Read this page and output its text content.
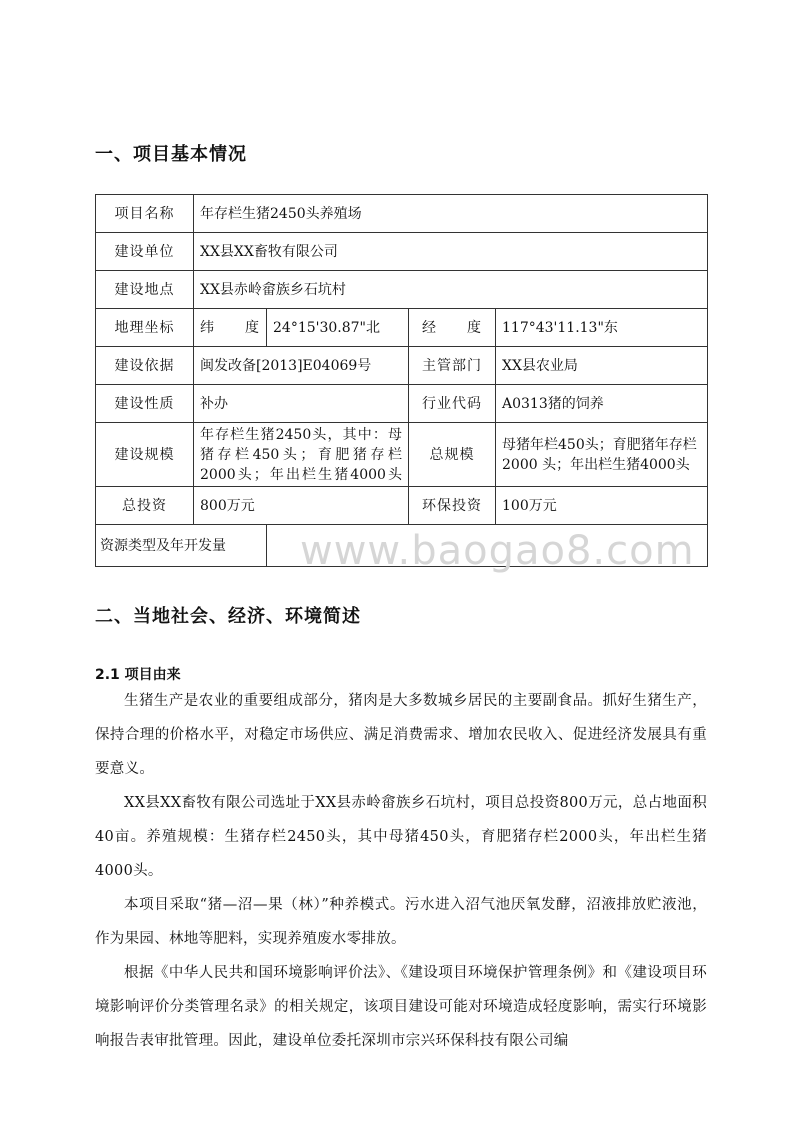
一、项目基本情况
项目名称	年存栏生猪2450头养殖场			
建设单位	XX县XX畜牧有限公司			
建设地点	XX县赤岭畲族乡石坑村			
地理坐标	纬　　度	24°15'30.87"北	经　　度	117°43'11.13"东
建设依据	闽发改备[2013]E04069号		主管部门	XX县农业局
建设性质	补办		行业代码	A0313猪的饲养
建设规模	年存栏生猪2450头，其中：母猪存栏450头；育肥猪存栏2000头；年出栏生猪4000头		总规模	母猪年栏450头；育肥猪年存栏 2000 头；年出栏生猪4000头
总投资	800万元		环保投资	100万元
资源类型及年开发量				www.baogao8.com
二、当地社会、经济、环境简述
2.1 项目由来

生猪生产是农业的重要组成部分，猪肉是大多数城乡居民的主要副食品。抓好生猪生产，保持合理的价格水平，对稳定市场供应、满足消费需求、增加农民收入、促进经济发展具有重要意义。

XX县XX畜牧有限公司选址于XX县赤岭畲族乡石坑村，项目总投资800万元，总占地面积40亩。养殖规模：生猪存栏2450头，其中母猪450头，育肥猪存栏2000头，年出栏生猪4000头。

本项目采取“猪—沼—果（林）”种养模式。污水进入沼气池厌氧发酵，沼液排放贮液池，作为果园、林地等肥料，实现养殖废水零排放。

根据《中华人民共和国环境影响评价法》、《建设项目环境保护管理条例》和《建设项目环境影响评价分类管理名录》的相关规定，该项目建设可能对环境造成轻度影响，需实行环境影响报告表审批管理。因此，建设单位委托深圳市宗兴环保科技有限公司编
